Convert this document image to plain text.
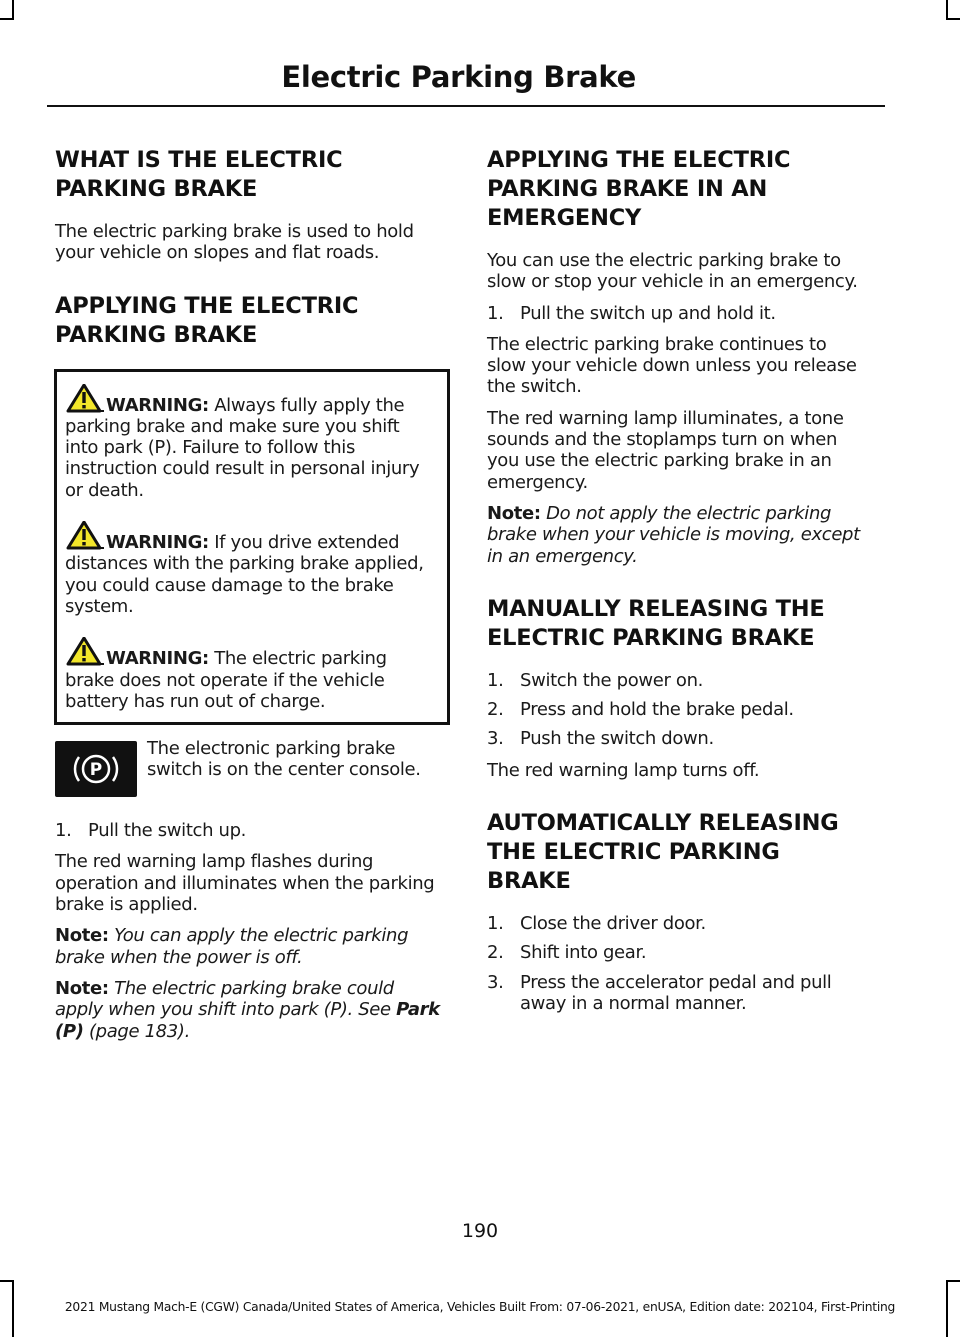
Electric Parking Brake
WHAT IS THE ELECTRIC
PARKING BRAKE

The electric parking brake is used to hold
your vehicle on slopes and flat roads.

APPLYING THE ELECTRIC
PARKING BRAKE
WARNING: Always fully apply the
parking brake and make sure you shift
into park (P). Failure to follow this
instruction could result in personal injury
or death.
WARNING: If you drive extended
distances with the parking brake applied,
you could cause damage to the brake
system.
WARNING: The electric parking
brake does not operate if the vehicle
battery has run out of charge.
P

The electronic parking brake
switch is on the center console.

1. Pull the switch up.

The red warning lamp flashes during
operation and illuminates when the parking
brake is applied.

Note: You can apply the electric parking
brake when the power is off.

Note: The electric parking brake could
apply when you shift into park (P). See Park
(P) (page 183).

APPLYING THE ELECTRIC
PARKING BRAKE IN AN
EMERGENCY

You can use the electric parking brake to
slow or stop your vehicle in an emergency.

1. Pull the switch up and hold it.

The electric parking brake continues to
slow your vehicle down unless you release
the switch.

The red warning lamp illuminates, a tone
sounds and the stoplamps turn on when
you use the electric parking brake in an
emergency.

Note: Do not apply the electric parking
brake when your vehicle is moving, except
in an emergency.

MANUALLY RELEASING THE
ELECTRIC PARKING BRAKE
1. Switch the power on.
2. Press and hold the brake pedal.
3. Push the switch down.

The red warning lamp turns off.

AUTOMATICALLY RELEASING
THE ELECTRIC PARKING
BRAKE
1. Close the driver door.
2. Shift into gear.
3. Press the accelerator pedal and pull
away in a normal manner.
190
2021 Mustang Mach-E (CGW) Canada/United States of America, Vehicles Built From: 07-06-2021, enUSA, Edition date: 202104, First-Printing
